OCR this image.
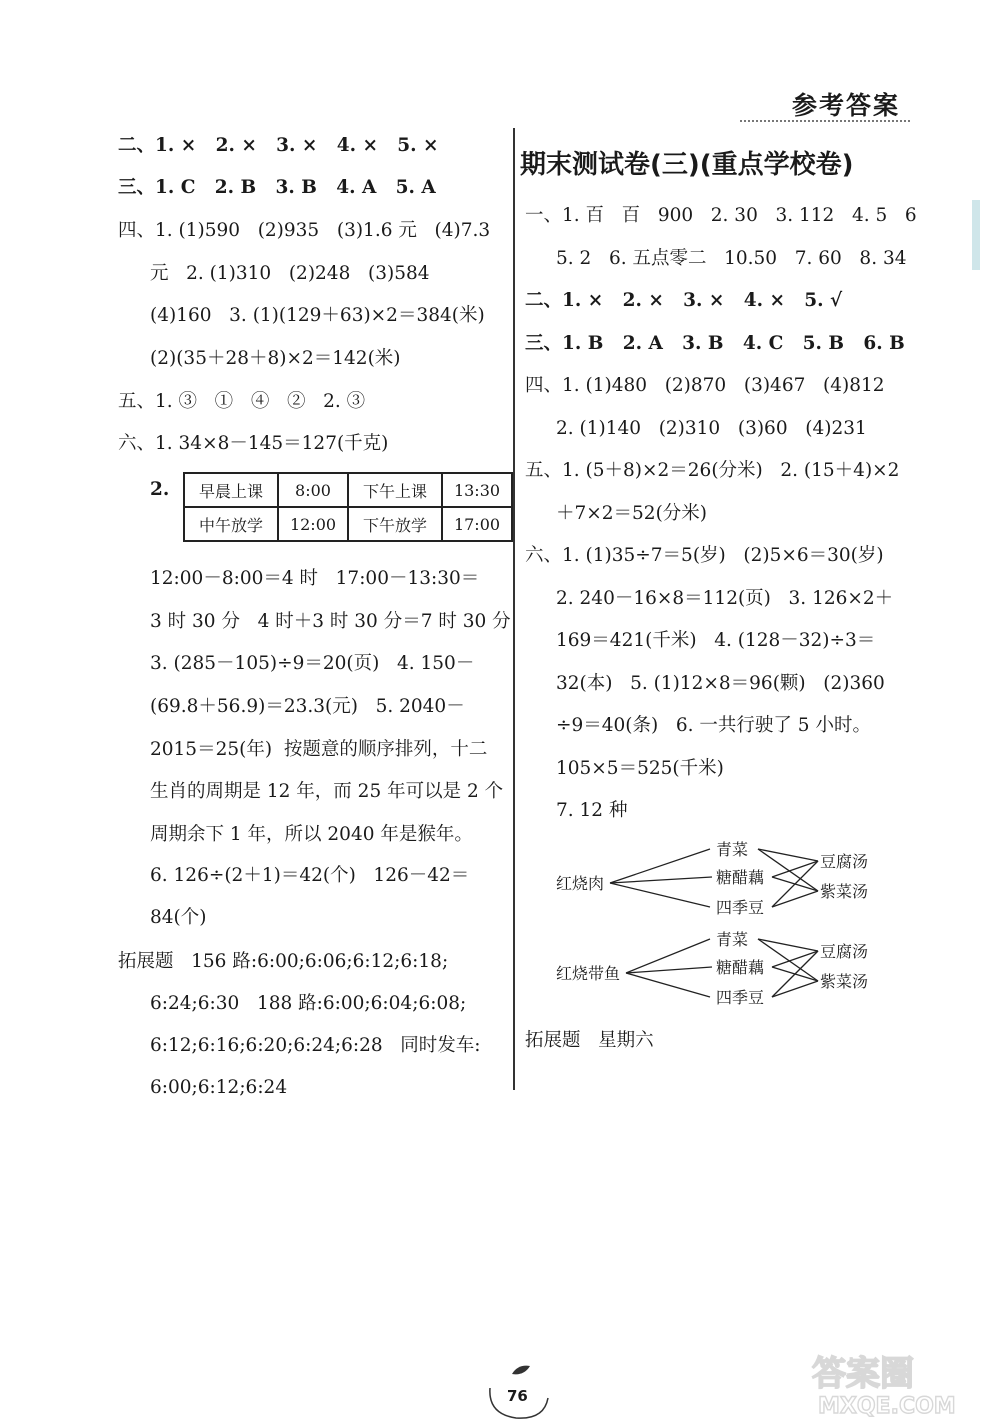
参考答案
二、1. ×   2. ×   3. ×   4. ×   5. ×
三、1. C   2. B   3. B   4. A   5. A
四、1. (1)590   (2)935   (3)1.6 元   (4)7.3
元   2. (1)310   (2)248   (3)584
(4)160   3. (1)(129＋63)×2＝384(米)
(2)(35＋28＋8)×2＝142(米)
五、1. ③   ①   ④   ②   2. ③
六、1. 34×8－145＝127(千克)
2. 早晨上课	8:00	下午上课	13:30
中午放学	12:00	下午放学	17:00
12:00－8:00＝4 时   17:00－13:30＝
3 时 30 分   4 时＋3 时 30 分＝7 时 30 分
3. (285－105)÷9＝20(页)   4. 150－
(69.8＋56.9)＝23.3(元)   5. 2040－
2015＝25(年)  按题意的顺序排列，十二
生肖的周期是 12 年，而 25 年可以是 2 个
周期余下 1 年，所以 2040 年是猴年。
6. 126÷(2＋1)＝42(个)   126－42＝
84(个)
拓展题   156 路:6:00;6:06;6:12;6:18;
6:24;6:30   188 路:6:00;6:04;6:08;
6:12;6:16;6:20;6:24;6:28   同时发车:
6:00;6:12;6:24
期末测试卷(三)(重点学校卷)
一、1. 百   百   900   2. 30   3. 112   4. 5   6
5. 2   6. 五点零二   10.50   7. 60   8. 34
二、1. ×   2. ×   3. ×   4. ×   5. √
三、1. B   2. A   3. B   4. C   5. B   6. B
四、1. (1)480   (2)870   (3)467   (4)812
2. (1)140   (2)310   (3)60   (4)231
五、1. (5＋8)×2＝26(分米)   2. (15＋4)×2
＋7×2＝52(分米)
六、1. (1)35÷7＝5(岁)   (2)5×6＝30(岁)
2. 240－16×8＝112(页)   3. 126×2＋
169＝421(千米)   4. (128－32)÷3＝
32(本)   5. (1)12×8＝96(颗)   (2)360
÷9＝40(条)   6. 一共行驶了 5 小时。
105×5＝525(千米)
7. 12 种
红烧肉
青菜
糖醋藕
四季豆
豆腐汤
紫菜汤
红烧带鱼
青菜
糖醋藕
四季豆
豆腐汤
紫菜汤
拓展题   星期六
76
答案圈
MXQE.COM
